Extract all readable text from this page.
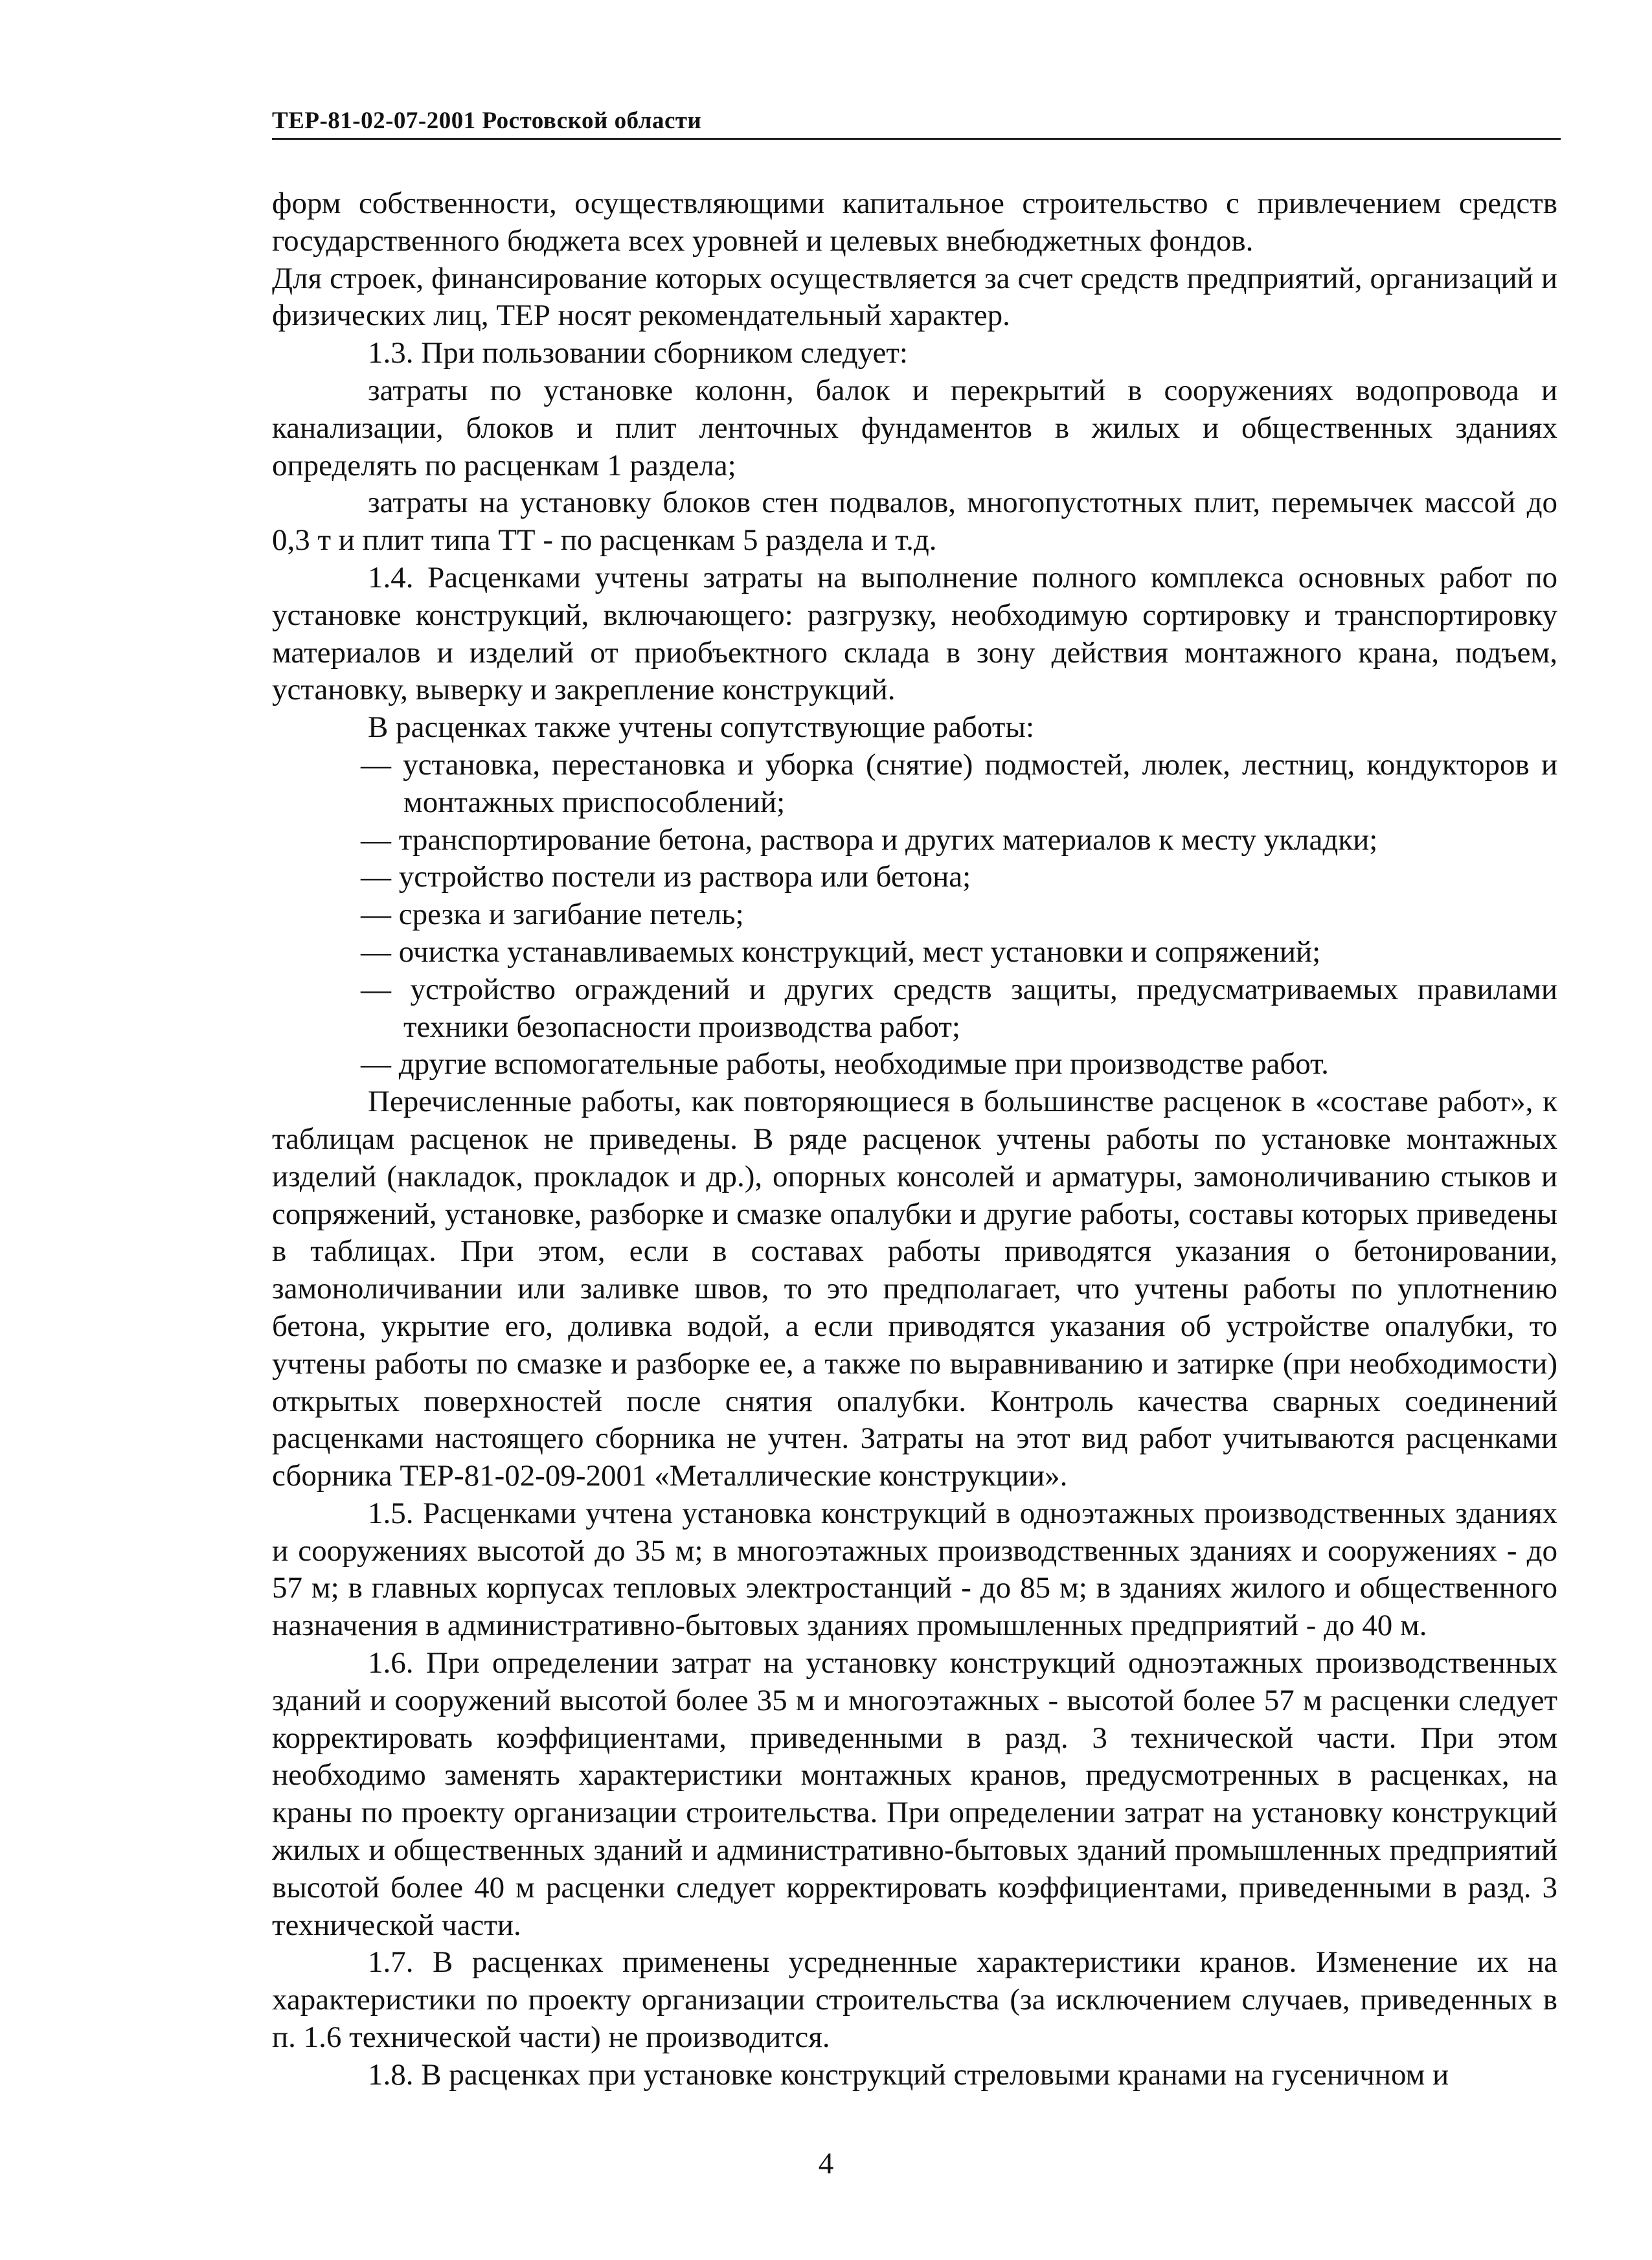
ТЕР-81-02-07-2001 Ростовской области

форм собственности, осуществляющими капитальное строительство с привлечением средств государственного бюджета всех уровней и целевых внебюджетных фондов.

Для строек, финансирование которых осуществляется за счет средств предприятий, организаций и физических лиц, ТЕР носят рекомендательный характер.

1.3. При пользовании сборником следует:

затраты по установке колонн, балок и перекрытий в сооружениях водопровода и канализации, блоков и плит ленточных фундаментов в жилых и общественных зданиях определять по расценкам 1 раздела;

затраты на установку блоков стен подвалов, многопустотных плит, перемычек массой до 0,3 т и плит типа ТТ - по расценкам 5 раздела и т.д.

1.4. Расценками учтены затраты на выполнение полного комплекса основных работ по установке конструкций, включающего: разгрузку, необходимую сортировку и транспортировку материалов и изделий от приобъектного склада в зону действия монтажного крана, подъем, установку, выверку и закрепление конструкций.

В расценках также учтены сопутствующие работы:

— установка, перестановка и уборка (снятие) подмостей, люлек, лестниц, кондукторов и монтажных приспособлений;

— транспортирование бетона, раствора и других материалов к месту укладки;

— устройство постели из раствора или бетона;

— срезка и загибание петель;

— очистка устанавливаемых конструкций, мест установки и сопряжений;

— устройство ограждений и других средств защиты, предусматриваемых правилами техники безопасности производства работ;

— другие вспомогательные работы, необходимые при производстве работ.

Перечисленные работы, как повторяющиеся в большинстве расценок в «составе работ», к таблицам расценок не приведены. В ряде расценок учтены работы по установке монтажных изделий (накладок, прокладок и др.), опорных консолей и арматуры, замоноличиванию стыков и сопряжений, установке, разборке и смазке опалубки и другие работы, составы которых приведены в таблицах. При этом, если в составах работы приводятся указания о бетонировании, замоноличивании или заливке швов, то это предполагает, что учтены работы по уплотнению бетона, укрытие его, доливка водой, а если приводятся указания об устройстве опалубки, то учтены работы по смазке и разборке ее, а также по выравниванию и затирке (при необходимости) открытых поверхностей после снятия опалубки. Контроль качества сварных соединений расценками настоящего сборника не учтен. Затраты на этот вид работ учитываются расценками сборника ТЕР-81-02-09-2001 «Металлические конструкции».

1.5. Расценками учтена установка конструкций в одноэтажных производственных зданиях и сооружениях высотой до 35 м; в многоэтажных производственных зданиях и сооружениях - до 57 м; в главных корпусах тепловых электростанций - до 85 м; в зданиях жилого и общественного назначения в административно-бытовых зданиях промышленных предприятий - до 40 м.

1.6. При определении затрат на установку конструкций одноэтажных производственных зданий и сооружений высотой более 35 м и многоэтажных - высотой более 57 м расценки следует корректировать коэффициентами, приведенными в разд. 3 технической части. При этом необходимо заменять характеристики монтажных кранов, предусмотренных в расценках, на краны по проекту организации строительства. При определении затрат на установку конструкций жилых и общественных зданий и административно-бытовых зданий промышленных предприятий высотой более 40 м расценки следует корректировать коэффициентами, приведенными в разд. 3 технической части.

1.7. В расценках применены усредненные характеристики кранов. Изменение их на характеристики по проекту организации строительства (за исключением случаев, приведенных в п. 1.6 технической части) не производится.

1.8. В расценках при установке конструкций стреловыми кранами на гусеничном и

4
